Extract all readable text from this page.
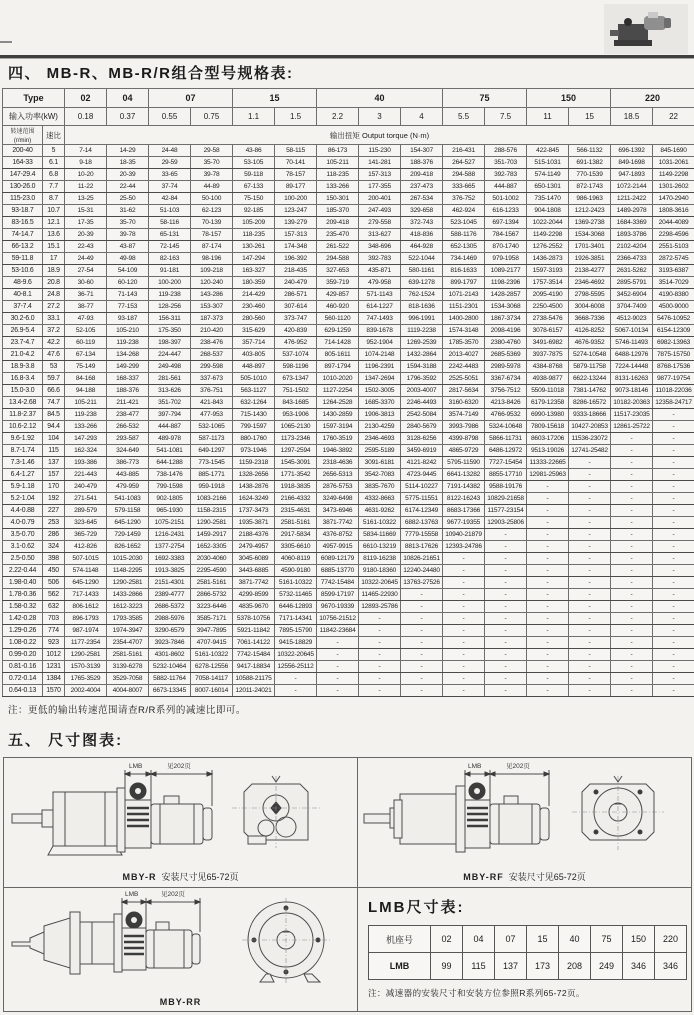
四、 MB-R、MB-R/R组合型号规格表:
Type		02	04	07		15		40			75		150		220	
输入功率(kW)		0.18	0.37	0.55	0.75	1.1	1.5	2.2	3	4	5.5	7.5	11	15	18.5	22
转速范围
(r/min)	速比	输出扭矩 Output torque (N·m)														
200-40	5	7-14	14-29	24-48	29-58	43-86	58-115	86-173	115-230	154-307	216-431	288-576	422-845	566-1132	696-1392	845-1690
164-33	6.1	9-18	18-35	29-59	35-70	53-105	70-141	105-211	141-281	188-376	264-527	351-703	515-1031	691-1382	849-1698	1031-2061
147-29.4	6.8	10-20	20-39	33-65	39-78	59-118	78-157	118-235	157-313	209-418	294-588	392-783	574-1149	770-1539	947-1893	1149-2298
130-26.0	7.7	11-22	22-44	37-74	44-89	67-133	89-177	133-266	177-355	237-473	333-665	444-887	650-1301	872-1743	1072-2144	1301-2602
115-23.0	8.7	13-25	25-50	42-84	50-100	75-150	100-200	150-301	200-401	267-534	376-752	501-1002	735-1470	986-1963	1211-2422	1470-2940
93-18.7	10.7	15-31	31-62	51-103	62-123	92-185	123-247	185-370	247-493	329-658	462-924	616-1233	904-1808	1212-2423	1489-2978	1808-3616
83-16.5	12.1	17-35	35-70	58-116	70-139	105-209	139-279	209-418	279-558	372-743	523-1045	697-1394	1022-2044	1369-2738	1684-3369	2044-4089
74-14.7	13.6	20-39	39-78	65-131	78-157	118-235	157-313	235-470	313-627	418-836	588-1176	784-1567	1149-2298	1534-3068	1893-3786	2298-4596
66-13.2	15.1	22-43	43-87	72-145	87-174	130-261	174-348	261-522	348-696	464-928	652-1305	870-1740	1276-2552	1701-3401	2102-4204	2551-5103
59-11.8	17	24-49	49-98	82-163	98-196	147-294	196-392	294-588	392-783	522-1044	734-1469	979-1958	1436-2873	1926-3851	2366-4733	2872-5745
53-10.6	18.9	27-54	54-109	91-181	109-218	163-327	218-435	327-653	435-871	580-1161	816-1633	1089-2177	1597-3193	2138-4277	2631-5262	3193-6387
48-9.6	20.8	30-60	60-120	100-200	120-240	180-359	240-479	359-719	479-958	639-1278	899-1797	1198-2396	1757-3514	2346-4692	2895-5791	3514-7029
40-8.1	24.8	36-71	71-143	119-238	143-286	214-429	286-571	429-857	571-1143	762-1524	1071-2143	1428-2857	2095-4190	2798-5595	3452-6904	4190-8380
37-7.4	27.2	38-77	77-153	128-256	153-307	230-460	307-614	460-920	614-1227	818-1636	1151-2301	1534-3068	2250-4500	3004-6008	3704-7409	4500-9000
30.2-6.0	33.1	47-93	93-187	156-311	187-373	280-560	373-747	560-1120	747-1493	996-1991	1400-2800	1867-3734	2738-5476	3668-7336	4512-9023	5476-10952
26.9-5.4	37.2	52-105	105-210	175-350	210-420	315-629	420-839	629-1259	839-1678	1119-2238	1574-3148	2098-4196	3078-6157	4126-8252	5067-10134	6154-12309
23.7-4.7	42.2	60-119	119-238	198-397	238-476	357-714	476-952	714-1428	952-1904	1269-2539	1785-3570	2380-4760	3491-6982	4676-9352	5746-11493	6982-13963
21.0-4.2	47.6	67-134	134-268	224-447	268-537	403-805	537-1074	805-1611	1074-2148	1432-2864	2013-4027	2685-5369	3937-7875	5274-10548	6488-12976	7875-15750
18.9-3.8	53	75-149	149-299	249-498	299-598	448-897	598-1196	897-1794	1196-2391	1594-3188	2242-4483	2989-5978	4384-8768	5879-11758	7224-14448	8768-17536
16.8-3.4	59.7	84-168	168-337	281-561	337-673	505-1010	673-1347	1010-2020	1347-2694	1796-3592	2525-5051	3367-6734	4938-9877	6622-13244	8131-16263	9877-19754
15.0-3.0	66.6	94-188	188-376	313-626	376-751	563-1127	751-1502	1127-2254	1502-3005	2003-4007	2817-5634	3756-7512	5509-11018	7381-14762	9073-18146	11018-22036
13.4-2.68	74.7	105-211	211-421	351-702	421-843	632-1264	843-1685	1264-2528	1685-3370	2246-4493	3160-6320	4213-8426	6179-12358	8286-16572	10182-20363	12358-24717
11.8-2.37	84.5	119-238	238-477	397-794	477-953	715-1430	953-1906	1430-2859	1906-3813	2542-5084	3574-7149	4766-9532	6990-13980	9333-18666	11517-23035	-
10.6-2.12	94.4	133-266	266-532	444-887	532-1065	799-1597	1065-2130	1597-3194	2130-4259	2840-5679	3993-7986	5324-10648	7809-15618	10427-20853	12861-25722	-
9.6-1.92	104	147-293	293-587	489-978	587-1173	880-1760	1173-2346	1760-3519	2346-4693	3128-6256	4399-8798	5866-11731	8603-17206	11536-23072	-	-
8.7-1.74	115	162-324	324-649	541-1081	649-1297	973-1946	1297-2594	1946-3892	2595-5189	3459-6919	4865-9729	6486-12972	9513-19026	12741-25482	-	-
7.3-1.46	137	193-386	386-773	644-1288	773-1545	1159-2318	1545-3091	2318-4636	3091-6181	4121-8242	5795-11590	7727-15454	11333-22665	-	-	-
6.4-1.27	157	221-443	443-885	738-1476	885-1771	1328-2656	1771-3542	2656-5313	3542-7083	4723-9445	6641-13282	8855-17710	12981-25963	-	-	-
5.9-1.18	170	240-479	479-959	799-1598	959-1918	1438-2876	1918-3835	2876-5753	3835-7670	5114-10227	7191-14382	9588-19176	-	-	-	-
5.2-1.04	192	271-541	541-1083	902-1805	1083-2166	1624-3249	2166-4332	3249-6498	4332-8663	5775-11551	8122-16243	10829-21658	-	-	-	-
4.4-0.88	227	289-579	579-1158	965-1930	1158-2315	1737-3473	2315-4631	3473-6946	4631-9262	6174-12349	8683-17366	11577-23154	-	-	-	-
4.0-0.79	253	323-645	645-1290	1075-2151	1290-2581	1935-3871	2581-5161	3871-7742	5161-10322	6882-13763	9677-19355	12903-25806	-	-	-	-
3.5-0.70	286	365-729	729-1459	1216-2431	1459-2917	2188-4376	2917-5834	4376-8752	5834-11669	7779-15558	10940-21879	-	-	-	-	-
3.1-0.62	324	412-826	826-1652	1377-2754	1652-3305	2479-4957	3305-6610	4957-9915	6610-13219	8813-17626	12393-24786	-	-	-	-	-
2.5-0.50	398	507-1015	1015-2030	1692-3383	2030-4060	3045-6089	4060-8119	6089-12179	8119-16238	10826-21651	-	-	-	-	-	-
2.22-0.44	450	574-1148	1148-2295	1913-3825	2295-4590	3443-6885	4590-9180	6885-13770	9180-18360	12240-24480	-	-	-	-	-	-
1.98-0.40	506	645-1290	1290-2581	2151-4301	2581-5161	3871-7742	5161-10322	7742-15484	10322-20645	13763-27526	-	-	-	-	-	-
1.78-0.36	562	717-1433	1433-2866	2389-4777	2866-5732	4299-8599	5732-11465	8599-17197	11465-22930	-	-	-	-	-	-	-
1.58-0.32	632	806-1612	1612-3223	2686-5372	3223-6446	4835-9670	6446-12893	9670-19339	12893-25786	-	-	-	-	-	-	-
1.42-0.28	703	896-1793	1793-3585	2988-5976	3585-7171	5378-10756	7171-14341	10756-21512	-	-	-	-	-	-	-	-
1.29-0.26	774	987-1974	1974-3947	3290-6579	3947-7895	5921-11842	7895-15790	11842-23684	-	-	-	-	-	-	-	-
1.08-0.22	923	1177-2354	2354-4707	3923-7846	4707-9415	7061-14122	9415-18829	-	-	-	-	-	-	-	-	-
0.99-0.20	1012	1290-2581	2581-5161	4301-8602	5161-10322	7742-15484	10322-20645	-	-	-	-	-	-	-	-	-
0.81-0.16	1231	1570-3139	3139-6278	5232-10464	6278-12556	9417-18834	12556-25112	-	-	-	-	-	-	-	-	-
0.72-0.14	1384	1765-3529	3529-7058	5882-11764	7058-14117	10588-21175	-	-	-	-	-	-	-	-	-	-
0.64-0.13	1570	2002-4004	4004-8007	6673-13345	8007-16014	12011-24021	-	-	-	-	-	-	-	-	-	-
注：更低的输出转速范围请查R/R系列的减速比即可。
五、 尺寸图表:
LMB	见202页
MBY-R 安装尺寸见65-72页
LMB	见202页
MBY-RF 安装尺寸见65-72页
LMB	见202页
MBY-RR
LMB尺寸表:
机座号	02	04	07	15	40	75	150	220
LMB	99	115	137	173	208	249	346	346
注：减速器的安装尺寸和安装方位参照R系列65-72页。
